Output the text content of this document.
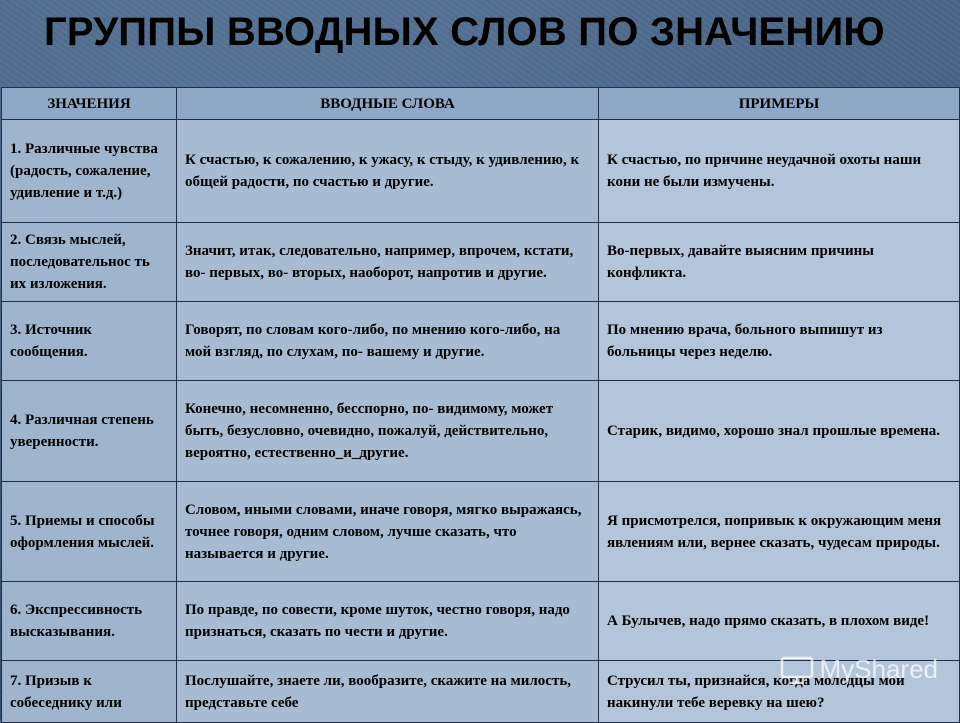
ГРУППЫ ВВОДНЫХ СЛОВ ПО ЗНАЧЕНИЮ
ЗНАЧЕНИЯ	ВВОДНЫЕ СЛОВА	ПРИМЕРЫ
1. Различные чувства (радость, сожаление, удивление и т.д.)	К счастью, к сожалению, к ужасу, к стыду, к удивлению, к общей радости, по счастью и другие.	К счастью, по причине неудачной охоты наши кони не были измучены.
2. Связь мыслей, последовательнос ть их изложения.	Значит, итак, следовательно, например, впрочем, кстати, во- первых, во- вторых, наоборот, напротив и другие.	Во-первых, давайте выясним причины конфликта.
3. Источник сообщения.	Говорят, по словам кого-либо, по мнению кого-либо, на мой взгляд, по слухам, по- вашему и другие.	По мнению врача, больного выпишут из больницы через неделю.
4. Различная степень уверенности.	Конечно, несомненно, бесспорно, по- видимому, может быть, безусловно, очевидно, пожалуй, действительно, вероятно, естественно_и_другие.	Старик, видимо, хорошо знал прошлые времена.
5. Приемы и способы оформления мыслей.	Словом, иными словами, иначе говоря, мягко выражаясь, точнее говоря, одним словом, лучше сказать, что называется и другие.	Я присмотрелся, попривык к окружающим меня явлениям или, вернее сказать, чудесам природы.
6. Экспрессивность высказывания.	По правде, по совести, кроме шуток, честно говоря, надо признаться, сказать по чести и другие.	А Булычев, надо прямо сказать, в плохом виде!
7. Призыв к собеседнику или	Послушайте, знаете ли, вообразите, скажите на милость, представьте себе	Струсил ты, признайся, когда молодцы мои накинули тебе веревку на шею?
MyShared
